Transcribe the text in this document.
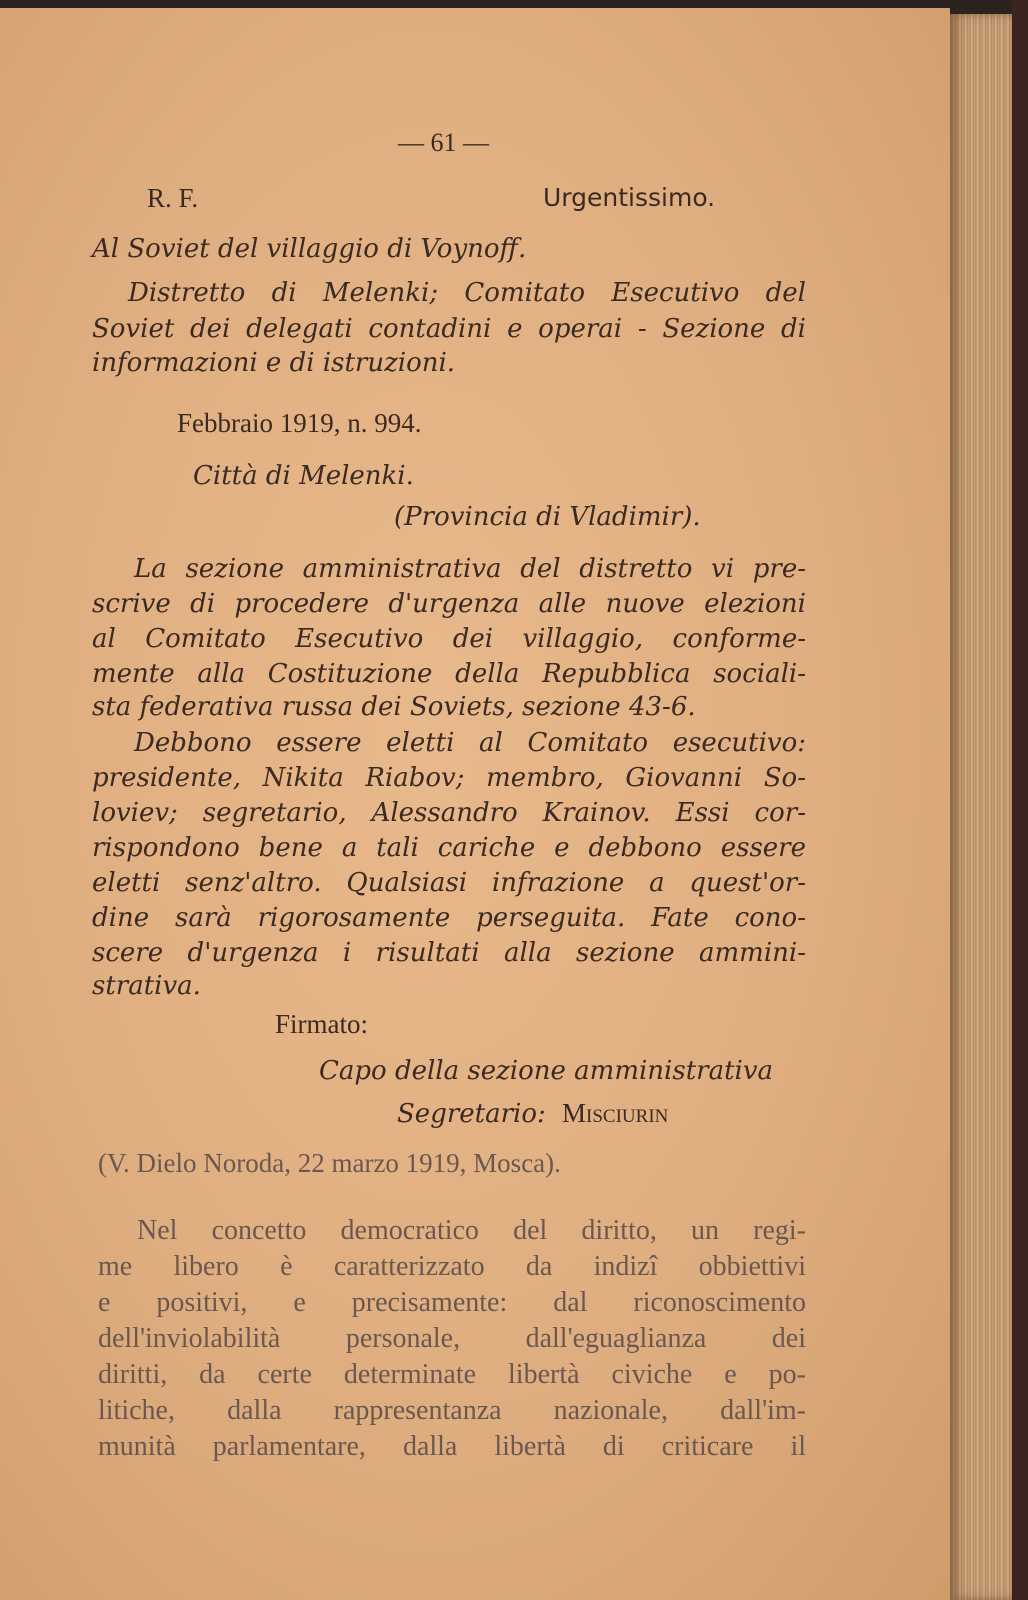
— 61 —
R. F.	Urgentissimo.
Al Soviet del villaggio di Voynoff.
Distretto di Melenki; Comitato Esecutivo del
Soviet dei delegati contadini e operai - Sezione di
informazioni e di istruzioni.
Febbraio 1919, n. 994.
Città di Melenki.
(Provincia di Vladimir).
La sezione amministrativa del distretto vi pre-
scrive di procedere d'urgenza alle nuove elezioni
al Comitato Esecutivo dei villaggio, conforme-
mente alla Costituzione della Repubblica sociali-
sta federativa russa dei Soviets, sezione 43-6.
Debbono essere eletti al Comitato esecutivo:
presidente, Nikita Riabov; membro, Giovanni So-
loviev; segretario, Alessandro Krainov. Essi cor-
rispondono bene a tali cariche e debbono essere
eletti senz'altro. Qualsiasi infrazione a quest'or-
dine sarà rigorosamente perseguita. Fate cono-
scere d'urgenza i risultati alla sezione ammini-
strativa.
Firmato:
Capo della sezione amministrativa
Segretario: Misciurin
(V. Dielo Noroda, 22 marzo 1919, Mosca).
Nel concetto democratico del diritto, un regi-
me libero è caratterizzato da indizî obbiettivi
e positivi, e precisamente: dal riconoscimento
dell'inviolabilità personale, dall'eguaglianza dei
diritti, da certe determinate libertà civiche e po-
litiche, dalla rappresentanza nazionale, dall'im-
munità parlamentare, dalla libertà di criticare il
